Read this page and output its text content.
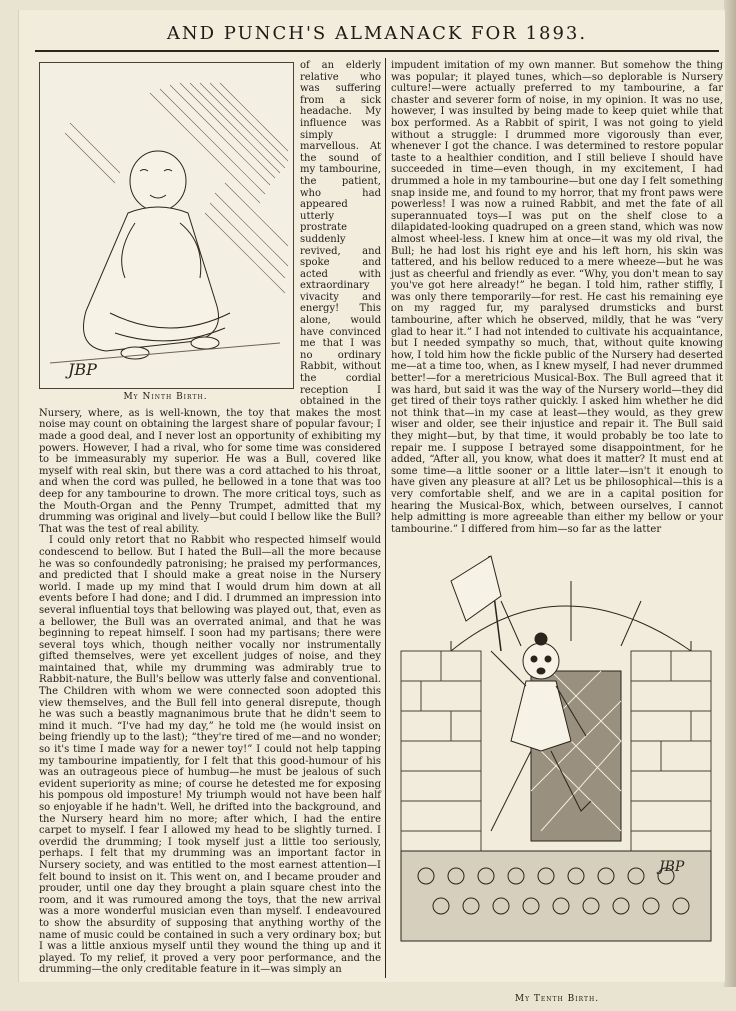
AND PUNCH'S ALMANACK FOR 1893.
JBP
My Ninth Birth.

of an elderly relative who was suffering from a sick headache. My influence was simply marvellous. At the sound of my tambourine, the patient, who had appeared utterly prostrate suddenly revived, and spoke and acted with extraordinary vivacity and energy! This alone, would have convinced me that I was no ordinary Rabbit, without the cordial reception I obtained in the Nursery, where, as is well-known, the toy that makes the most noise may count on obtaining the largest share of popular favour; I made a good deal, and I never lost an opportunity of exhibiting my powers. However, I had a rival, who for some time was considered to be immeasurably my superior. He was a Bull, covered like myself with real skin, but there was a cord attached to his throat, and when the cord was pulled, he bellowed in a tone that was too deep for any tambourine to drown. The more critical toys, such as the Mouth-Organ and the Penny Trumpet, admitted that my drumming was original and lively—but could I bellow like the Bull? That was the test of real ability.

I could only retort that no Rabbit who respected himself would condescend to bellow. But I hated the Bull—all the more because he was so confoundedly patronising; he praised my performances, and predicted that I should make a great noise in the Nursery world. I made up my mind that I would drum him down at all events before I had done; and I did. I drummed an impression into several influential toys that bellowing was played out, that, even as a bellower, the Bull was an overrated animal, and that he was beginning to repeat himself. I soon had my partisans; there were several toys which, though neither vocally nor instrumentally gifted themselves, were yet excellent judges of noise, and they maintained that, while my drumming was admirably true to Rabbit-nature, the Bull's bellow was utterly false and conventional. The Children with whom we were connected soon adopted this view themselves, and the Bull fell into general disrepute, though he was such a beastly magnanimous brute that he didn't seem to mind it much. “I've had my day,” he told me (he would insist on being friendly up to the last); “they're tired of me—and no wonder; so it's time I made way for a newer toy!” I could not help tapping my tambourine impatiently, for I felt that this good-humour of his was an outrageous piece of humbug—he must be jealous of such evident superiority as mine; of course he detested me for exposing his pompous old imposture! My triumph would not have been half so enjoyable if he hadn't. Well, he drifted into the background, and the Nursery heard him no more; after which, I had the entire carpet to myself. I fear I allowed my head to be slightly turned. I overdid the drumming; I took myself just a little too seriously, perhaps. I felt that my drumming was an important factor in Nursery society, and was entitled to the most earnest attention—I felt bound to insist on it. This went on, and I became prouder and prouder, until one day they brought a plain square chest into the room, and it was rumoured among the toys, that the new arrival was a more wonderful musician even than myself. I endeavoured to show the absurdity of supposing that anything worthy of the name of music could be contained in such a very ordinary box; but I was a little anxious myself until they wound the thing up and it played. To my relief, it proved a very poor performance, and the drumming—the only creditable feature in it—was simply an

impudent imitation of my own manner. But somehow the thing was popular; it played tunes, which—so deplorable is Nursery culture!—were actually preferred to my tambourine, a far chaster and severer form of noise, in my opinion. It was no use, however, I was insulted by being made to keep quiet while that box performed. As a Rabbit of spirit, I was not going to yield without a struggle: I drummed more vigorously than ever, whenever I got the chance. I was determined to restore popular taste to a healthier condition, and I still believe I should have succeeded in time—even though, in my excitement, I had drummed a hole in my tambourine—but one day I felt something snap inside me, and found to my horror, that my front paws were powerless! I was now a ruined Rabbit, and met the fate of all superannuated toys—I was put on the shelf close to a dilapidated-looking quadruped on a green stand, which was now almost wheel-less. I knew him at once—it was my old rival, the Bull; he had lost his right eye and his left horn, his skin was tattered, and his bellow reduced to a mere wheeze—but he was just as cheerful and friendly as ever. “Why, you don't mean to say you've got here already!” he began. I told him, rather stiffly, I was only there temporarily—for rest. He cast his remaining eye on my ragged fur, my paralysed drumsticks and burst tambourine, after which he observed, mildly, that he was “very glad to hear it.” I had not intended to cultivate his acquaintance, but I needed sympathy so much, that, without quite knowing how, I told him how the fickle public of the Nursery had deserted me—at a time too, when, as I knew myself, I had never drummed better!—for a meretricious Musical-Box. The Bull agreed that it was hard, but said it was the way of the Nursery world—they did get tired of their toys rather quickly. I asked him whether he did not think that—in my case at least—they would, as they grew wiser and older, see their injustice and repair it. The Bull said they might—but, by that time, it would probably be too late to repair me. I suppose I betrayed some disappointment, for he added, “After all, you know, what does it matter? It must end at some time—a little sooner or a little later—isn't it enough to have given any pleasure at all? Let us be philosophical—this is a very comfortable shelf, and we are in a capital position for hearing the Musical-Box, which, between ourselves, I cannot help admitting is more agreeable than either my bellow or your tambourine.” I differed from him—so far as the latter

JBP
My Tenth Birth.
